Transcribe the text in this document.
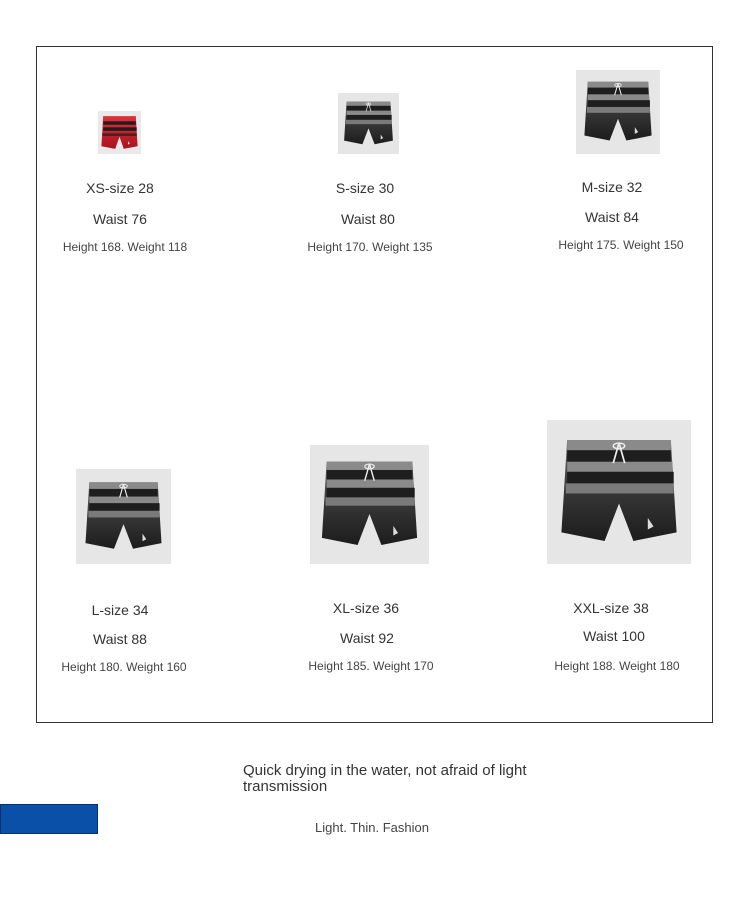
XS-size 28
Waist 76
Height 168. Weight 118
S-size 30
Waist 80
Height 170. Weight 135
M-size 32
Waist 84
Height 175. Weight 150
L-size 34
Waist 88
Height 180. Weight 160
XL-size 36
Waist 92
Height 185. Weight 170
XXL-size 38
Waist 100
Height 188. Weight 180
Quick drying in the water, not afraid of light transmission
Light. Thin. Fashion
